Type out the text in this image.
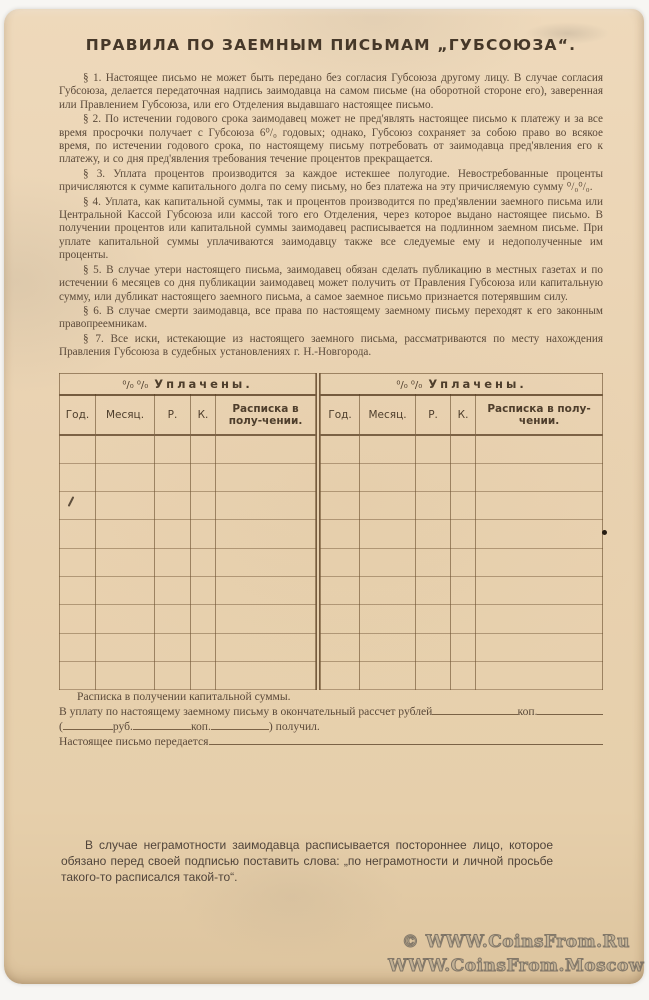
ПРАВИЛА ПО ЗАЕМНЫМ ПИСЬМАМ „ГУБСОЮЗА“.

§ 1. Настоящее письмо не может быть передано без согласия Губсоюза другому лицу. В случае согласия Губсоюза, делается передаточная надпись заимодавца на самом письме (на оборотной стороне его), заверенная или Правлением Губсоюза, или его Отделения выдавшаго настоящее письмо.

§ 2. По истечении годового срока заимодавец может не пред'являть настоящее письмо к платежу и за все время просрочки получает с Губсоюза 6⁰/₀ годовых; однако, Губсоюз сохраняет за собою право во всякое время, по истечении годового срока, по настоящему письму потребовать от заимодавца пред'явления его к платежу, и со дня пред'явления требования течение процентов прекращается.

§ 3. Уплата процентов производится за каждое истекшее полугодие. Невостребованные проценты причисляются к сумме капитального долга по сему письму, но без платежа на эту причисляемую сумму ⁰/₀⁰/₀.

§ 4. Уплата, как капитальной суммы, так и процентов производится по пред'явлении заемного письма или Центральной Кассой Губсоюза или кассой того его Отделения, через которое выдано настоящее письмо. В получении процентов или капитальной суммы заимодавец расписывается на подлинном заемном письме. При уплате капитальной суммы уплачиваются заимодавцу также все следуемые ему и недополученные им проценты.

§ 5. В случае утери настоящего письма, заимодавец обязан сделать публикацию в местных газетах и по истечении 6 месяцев со дня публикации заимодавец может получить от Правления Губсоюза или капитальную сумму, или дубликат настоящего заемного письма, а самое заемное письмо признается потерявшим силу.

§ 6. В случае смерти заимодавца, все права по настоящему заемному письму переходят к его законным правопреемникам.

§ 7. Все иски, истекающие из настоящего заемного письма, рассматриваются по месту нахождения Правления Губсоюза в судебных установлениях г. Н.-Новгорода.

⁰/₀ ⁰/₀ Уплачены.				
Год.	Месяц.	Р.	К.	Расписка в полу-чении.

⁰/₀ ⁰/₀ Уплачены.				
Год.	Месяц.	Р.	К.	Расписка в полу-чении.

Расписка в получении капитальной суммы.

В уплату по настоящему заемному письму в окончательный рассчет рублей	коп.

(	руб.	коп.	) получил.

Настоящее письмо передается

В случае неграмотности заимодавца расписывается постороннее лицо, которое обязано перед своей подписью поставить слова: „по неграмотности и личной просьбе такого-то расписался такой-то“.

© WWW.CoinsFrom.Ru
WWW.CoinsFrom.Moscow
